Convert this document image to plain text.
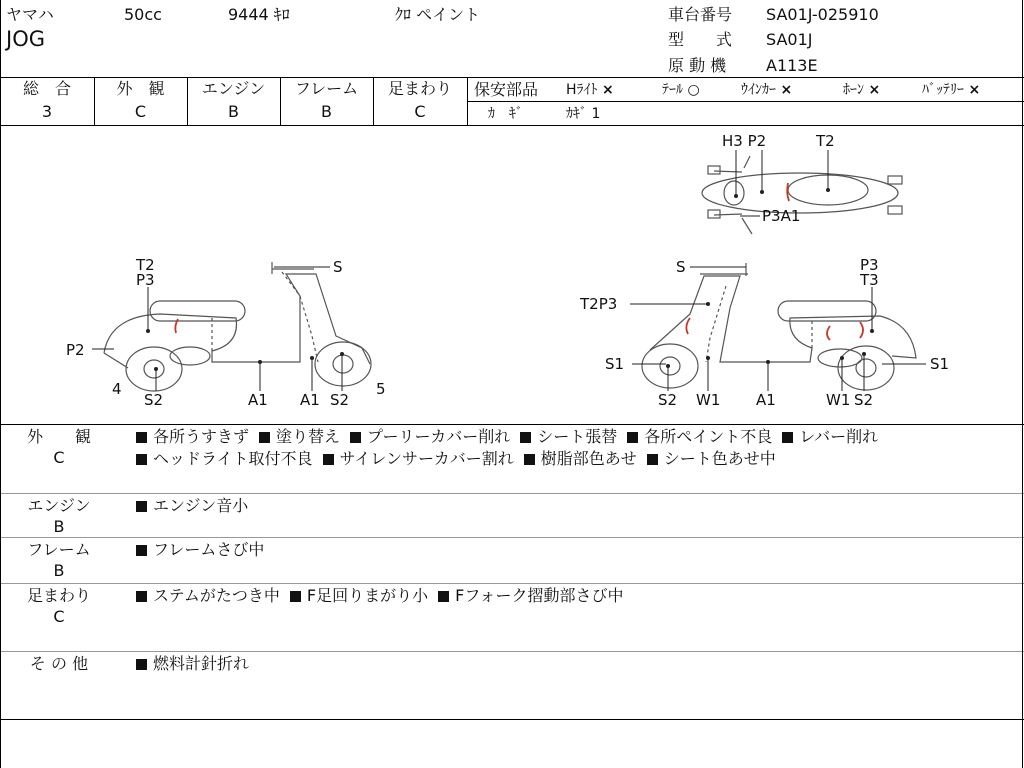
ヤマハ	50cc	9444 ｷﾛ	ｸﾛ ペイント
JOG
車台番号 SA01J-025910
型　　式 SA01J
原 動 機 A113E
総　合	外　観	エンジン	フレーム	足まわり
3	C	B	B	C
保安部品 Hﾗｲﾄ ×	ﾃｰﾙ ○	ｳｲﾝｶｰ ×	ﾎｰﾝ ×	ﾊﾞｯﾃﾘｰ ×
ｶ　ｷﾞ	ｶｷﾞ 1
H3 P2	T2
P3A1
T2
P3
S
P2
4	5
S2	A1 A1 S2
S	P3
T3
T2P3
S1	S1
S2 W1 A1	W1 S2
外　　観
C
各所うすきず 塗り替え プーリーカバー削れ シート張替 各所ペイント不良 レバー削れ
ヘッドライト取付不良 サイレンサーカバー割れ 樹脂部色あせ シート色あせ中
エンジン
B
エンジン音小
フレーム
B
フレームさび中
足まわり
C
ステムがたつき中 F足回りまがり小 Fフォーク摺動部さび中
そ の 他	燃料計針折れ
